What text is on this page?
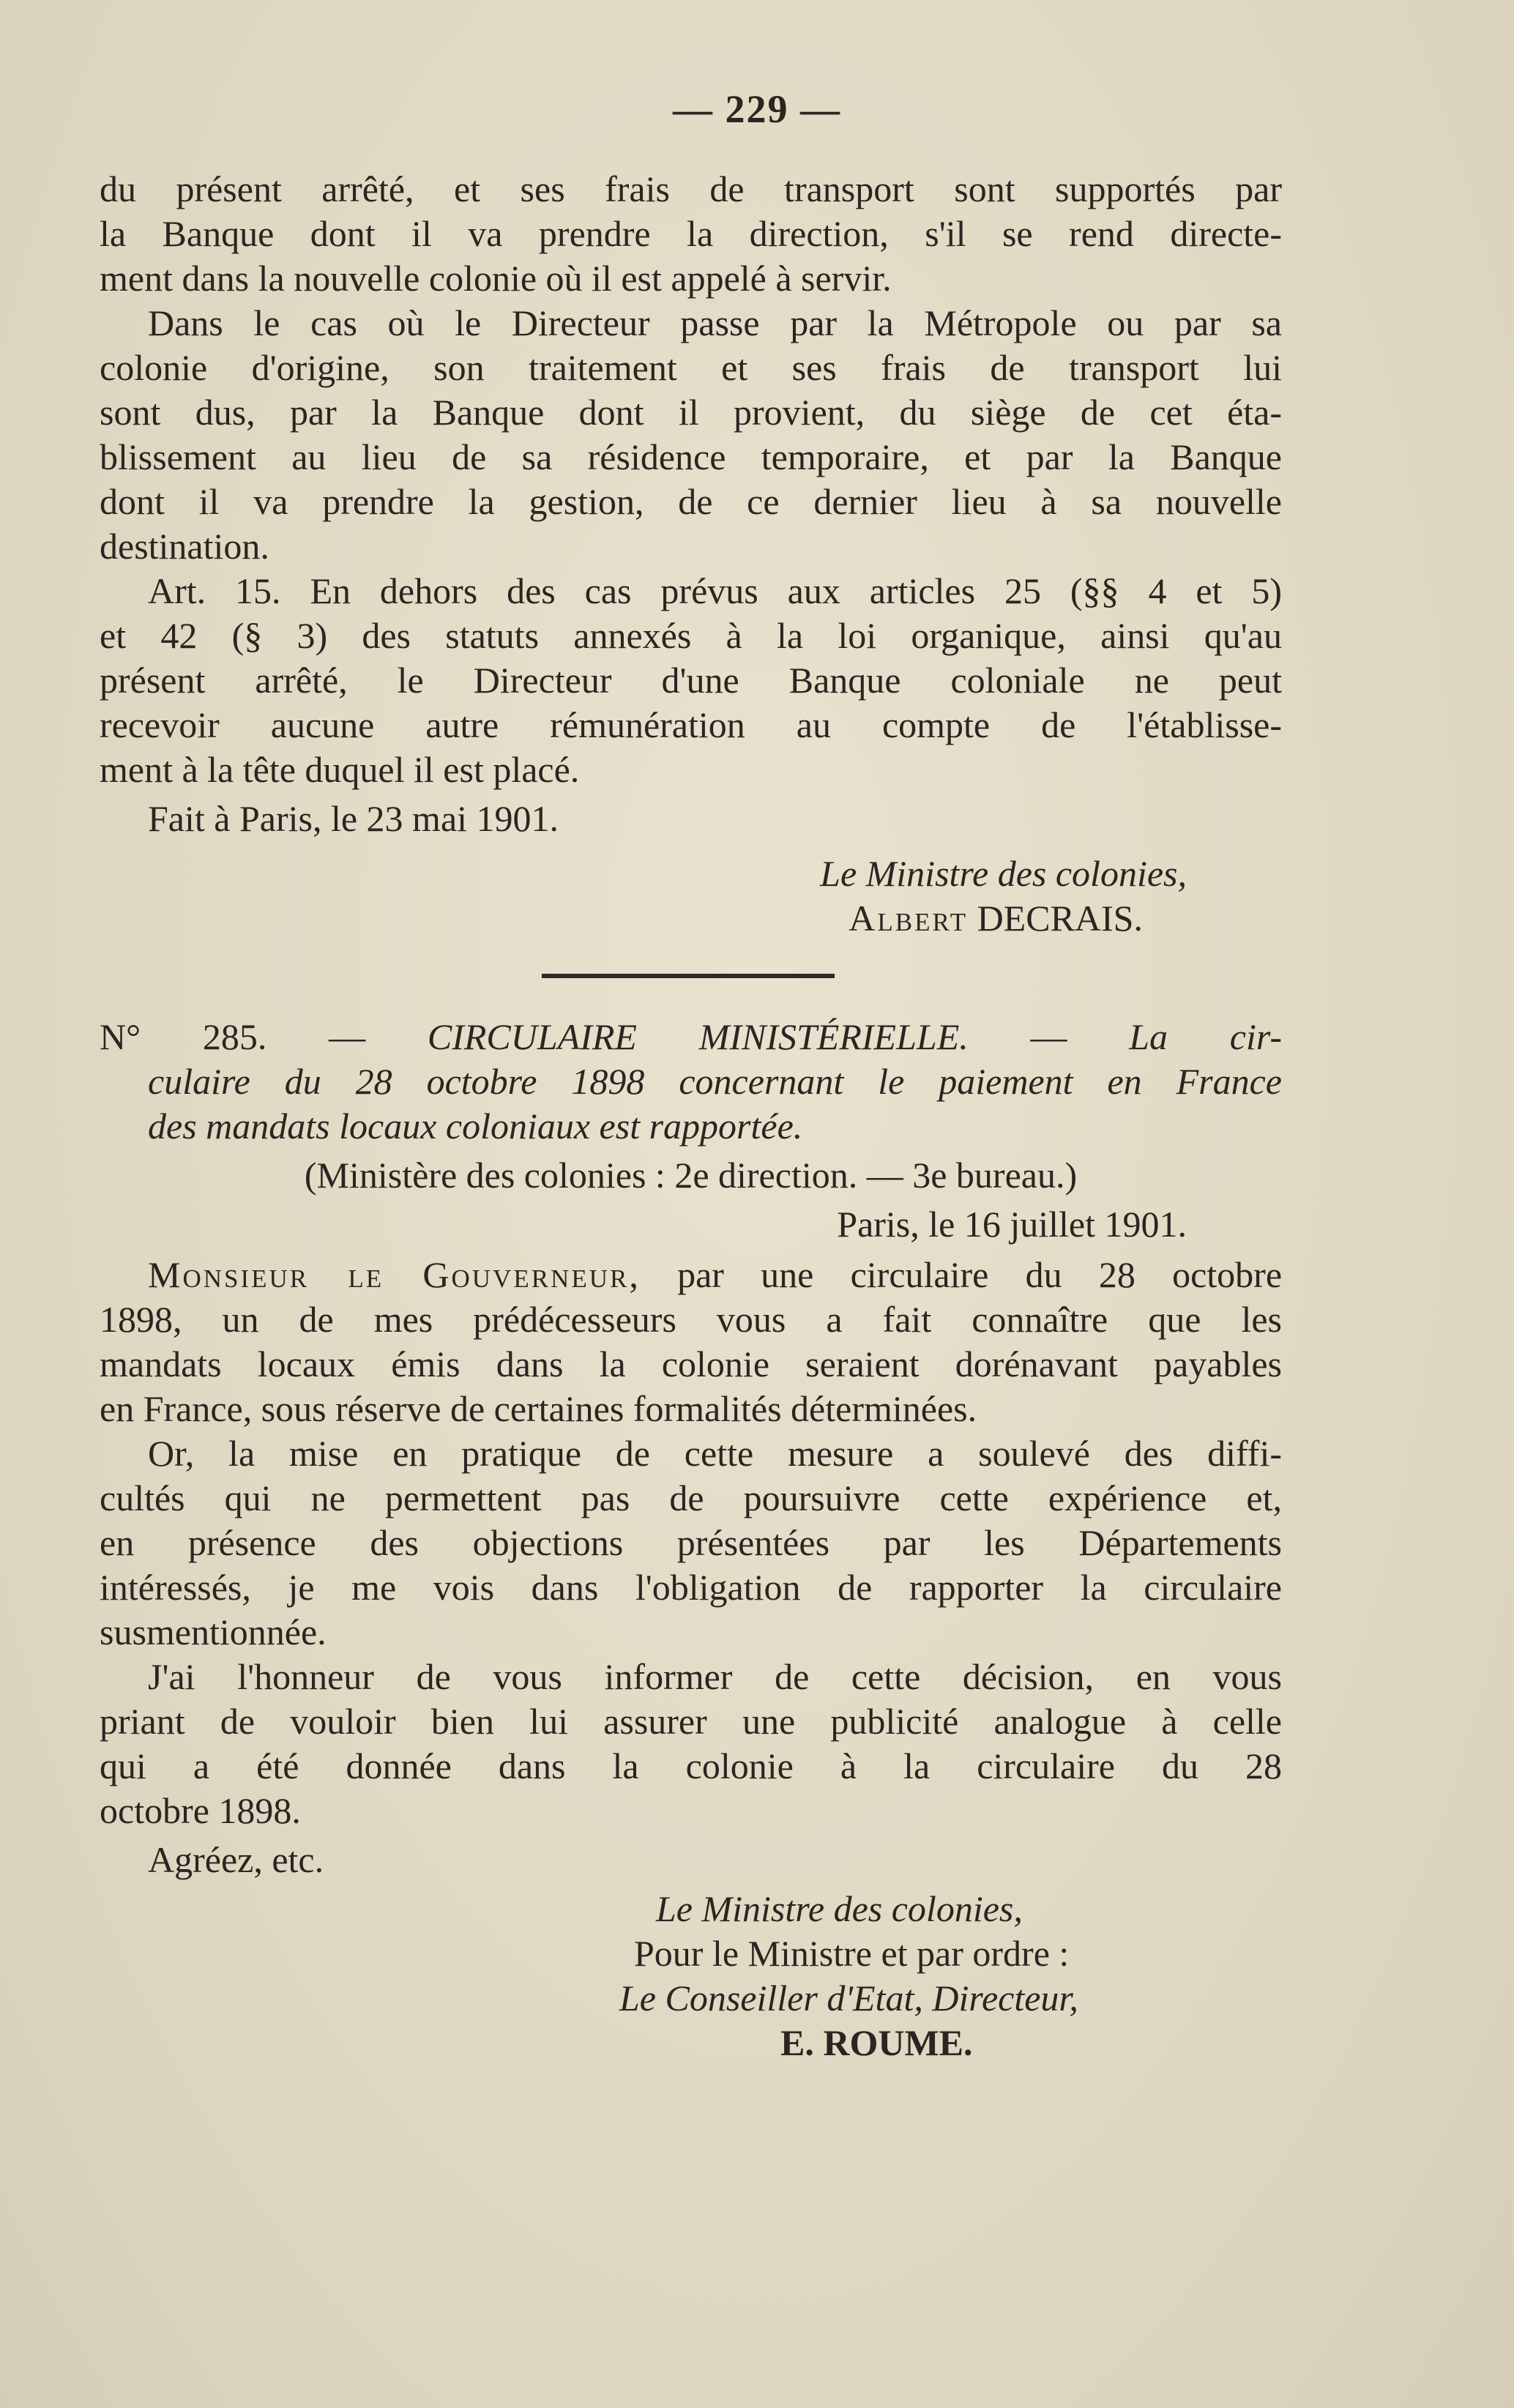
— 229 —
du présent arrêté, et ses frais de transport sont supportés par
la Banque dont il va prendre la direction, s'il se rend directe-
ment dans la nouvelle colonie où il est appelé à servir.
Dans le cas où le Directeur passe par la Métropole ou par sa
colonie d'origine, son traitement et ses frais de transport lui
sont dus, par la Banque dont il provient, du siège de cet éta-
blissement au lieu de sa résidence temporaire, et par la Banque
dont il va prendre la gestion, de ce dernier lieu à sa nouvelle
destination.
Art. 15. En dehors des cas prévus aux articles 25 (§§ 4 et 5)
et 42 (§ 3) des statuts annexés à la loi organique, ainsi qu'au
présent arrêté, le Directeur d'une Banque coloniale ne peut
recevoir aucune autre rémunération au compte de l'établisse-
ment à la tête duquel il est placé.
Fait à Paris, le 23 mai 1901.
Le Ministre des colonies,
Albert DECRAIS.
N° 285. — CIRCULAIRE MINISTÉRIELLE. — La cir-
culaire du 28 octobre 1898 concernant le paiement en France
des mandats locaux coloniaux est rapportée.
(Ministère des colonies : 2e direction. — 3e bureau.)
Paris, le 16 juillet 1901.
Monsieur le Gouverneur, par une circulaire du 28 octobre
1898, un de mes prédécesseurs vous a fait connaître que les
mandats locaux émis dans la colonie seraient dorénavant payables
en France, sous réserve de certaines formalités déterminées.
Or, la mise en pratique de cette mesure a soulevé des diffi-
cultés qui ne permettent pas de poursuivre cette expérience et,
en présence des objections présentées par les Départements
intéressés, je me vois dans l'obligation de rapporter la circulaire
susmentionnée.
J'ai l'honneur de vous informer de cette décision, en vous
priant de vouloir bien lui assurer une publicité analogue à celle
qui a été donnée dans la colonie à la circulaire du 28
octobre 1898.
Agréez, etc.
Le Ministre des colonies,
Pour le Ministre et par ordre :
Le Conseiller d'Etat, Directeur,
E. ROUME.
